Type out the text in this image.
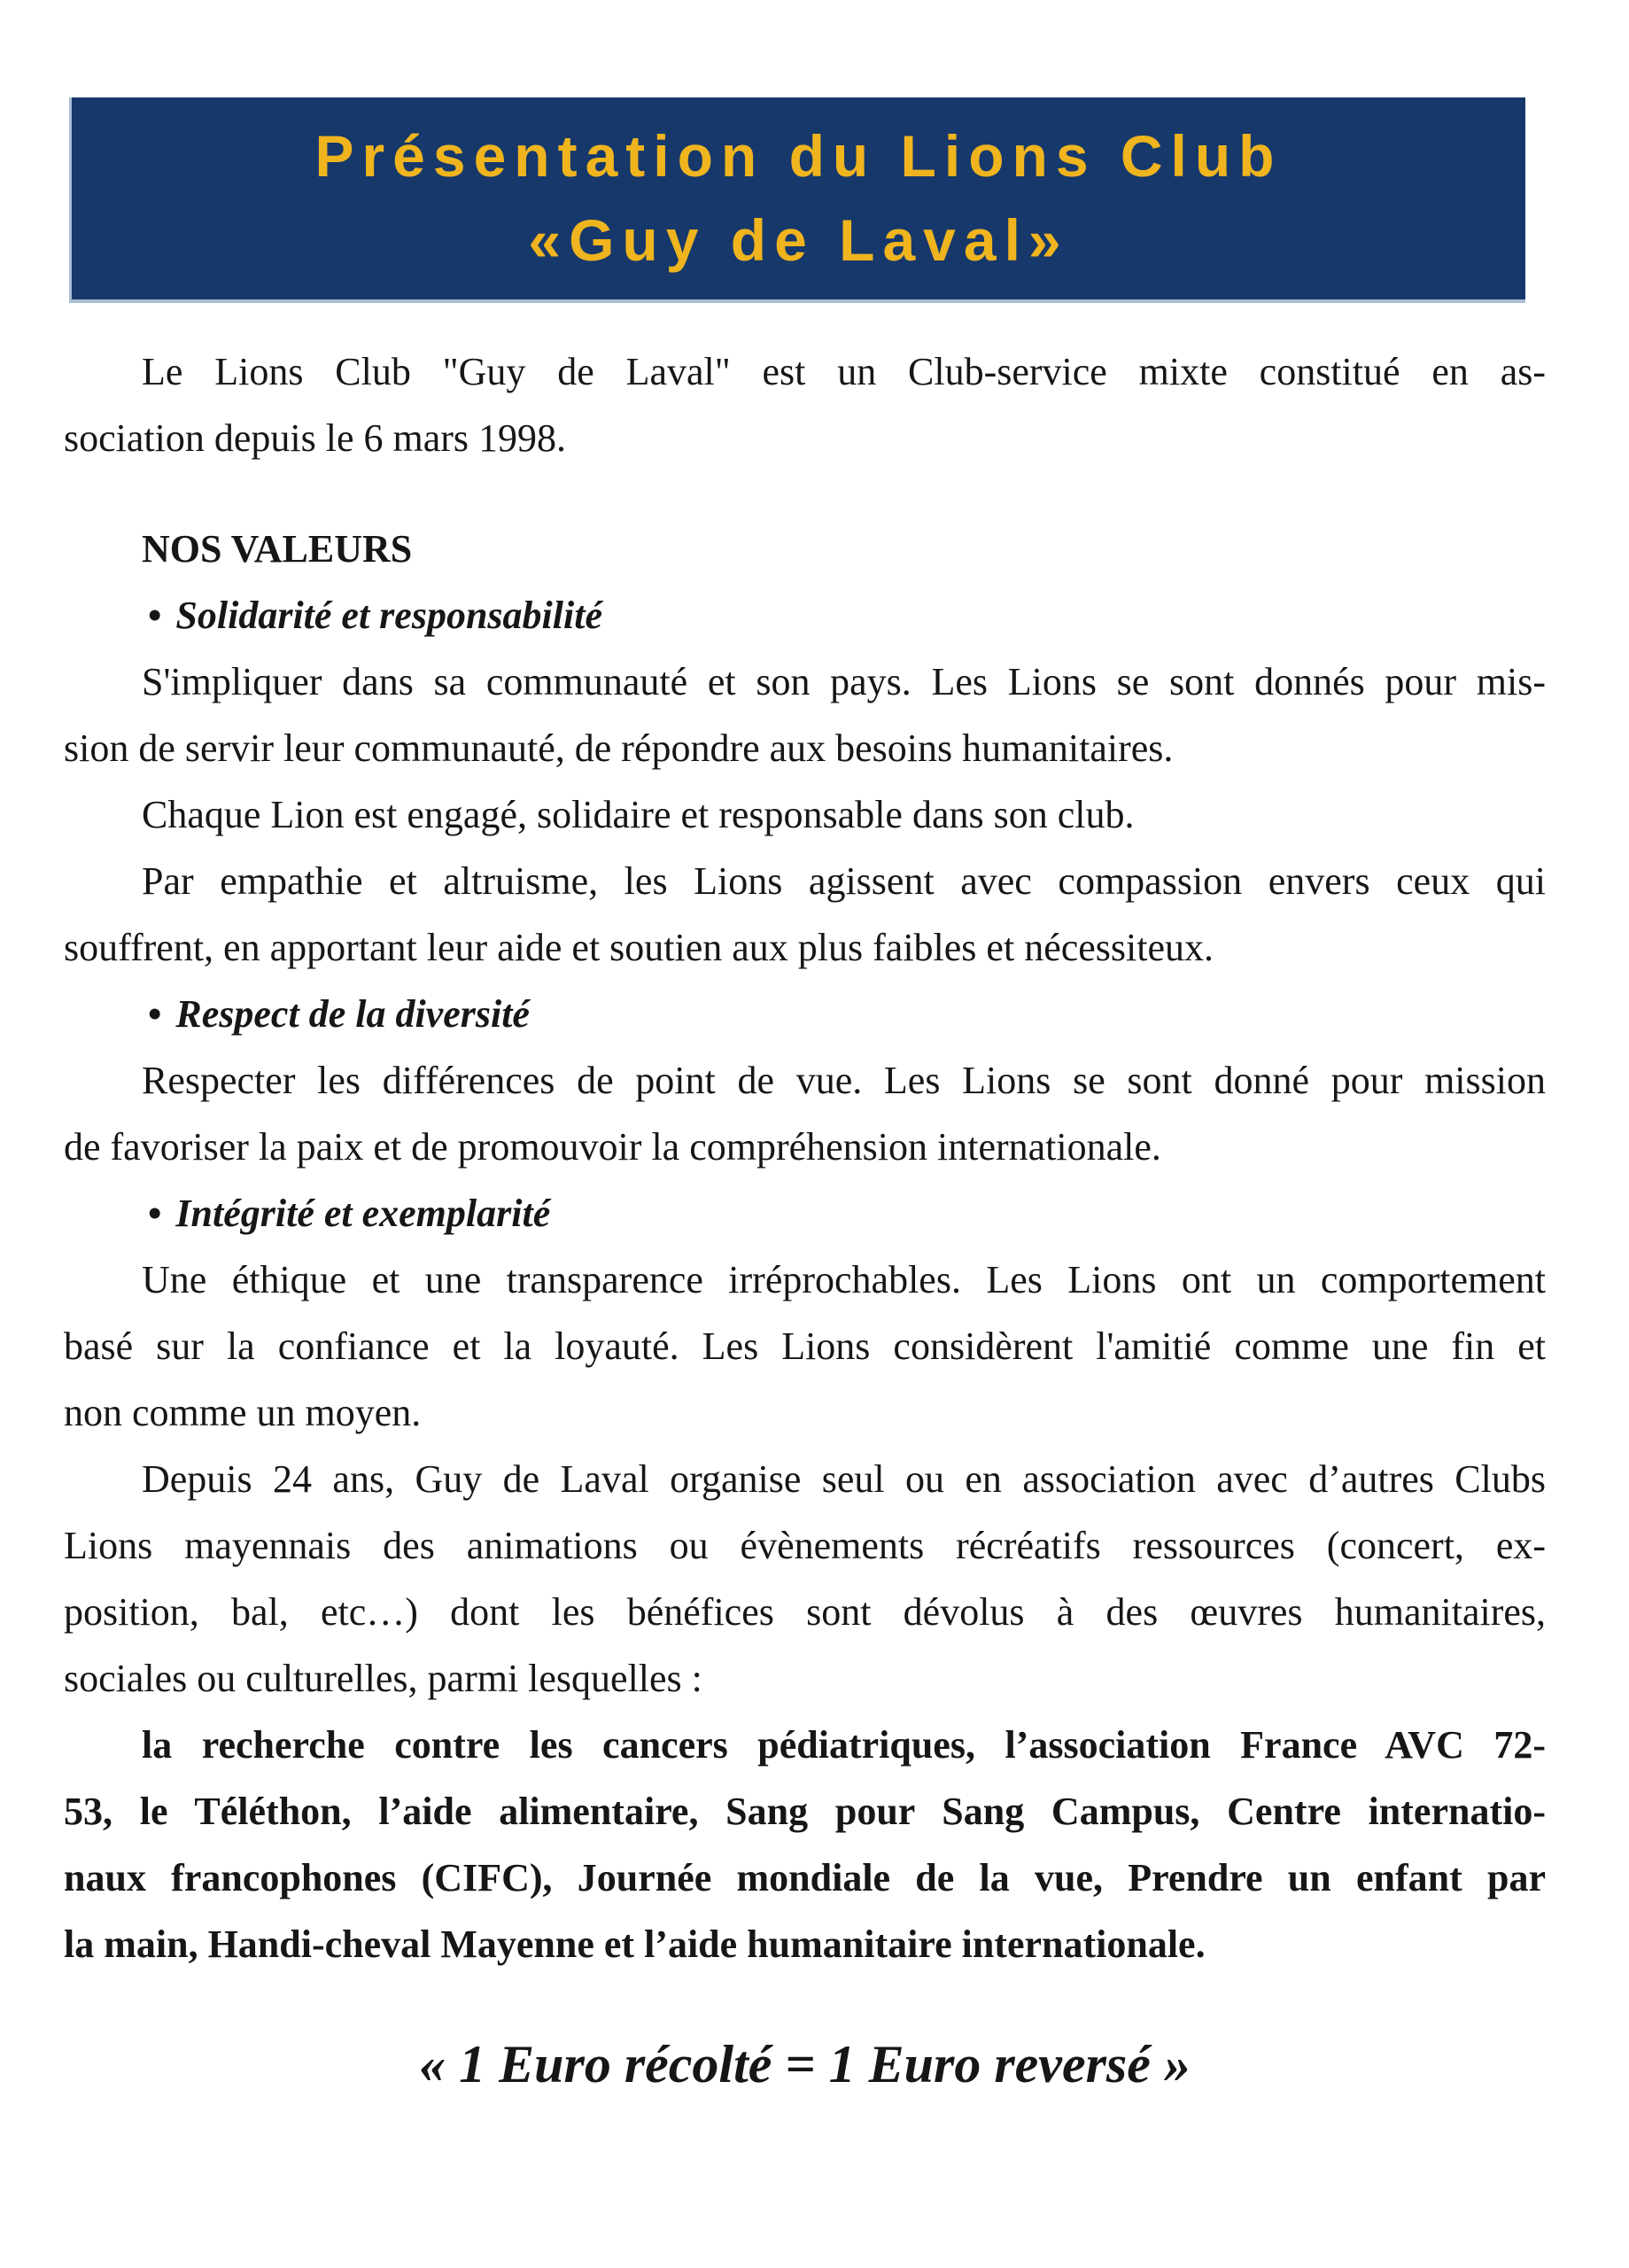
Présentation du Lions Club
«Guy de Laval»
Le Lions Club "Guy de Laval" est un Club-service mixte constitué en as-
sociation depuis le 6 mars 1998.
NOS VALEURS
• Solidarité et responsabilité
S'impliquer dans sa communauté et son pays. Les Lions se sont donnés pour mis-
sion de servir leur communauté, de répondre aux besoins humanitaires.
Chaque Lion est engagé, solidaire et responsable dans son club.
Par empathie et altruisme, les Lions agissent avec compassion envers ceux qui
souffrent, en apportant leur aide et soutien aux plus faibles et nécessiteux.
• Respect de la diversité
Respecter les différences de point de vue. Les Lions se sont donné pour mission
de favoriser la paix et de promouvoir la compréhension internationale.
• Intégrité et exemplarité
Une éthique et une transparence irréprochables. Les Lions ont un comportement
basé sur la confiance et la loyauté. Les Lions considèrent l'amitié comme une fin et
non comme un moyen.
Depuis 24 ans, Guy de Laval organise seul ou en association avec d’autres Clubs
Lions mayennais des animations ou évènements récréatifs ressources (concert, ex-
position, bal, etc…) dont les bénéfices sont dévolus à des œuvres humanitaires,
sociales ou culturelles, parmi lesquelles :
la recherche contre les cancers pédiatriques, l’association France AVC 72-
53, le Téléthon, l’aide alimentaire, Sang pour Sang Campus, Centre internatio-
naux francophones (CIFC), Journée mondiale de la vue, Prendre un enfant par
la main, Handi-cheval Mayenne et l’aide humanitaire internationale.
« 1 Euro récolté = 1 Euro reversé »
